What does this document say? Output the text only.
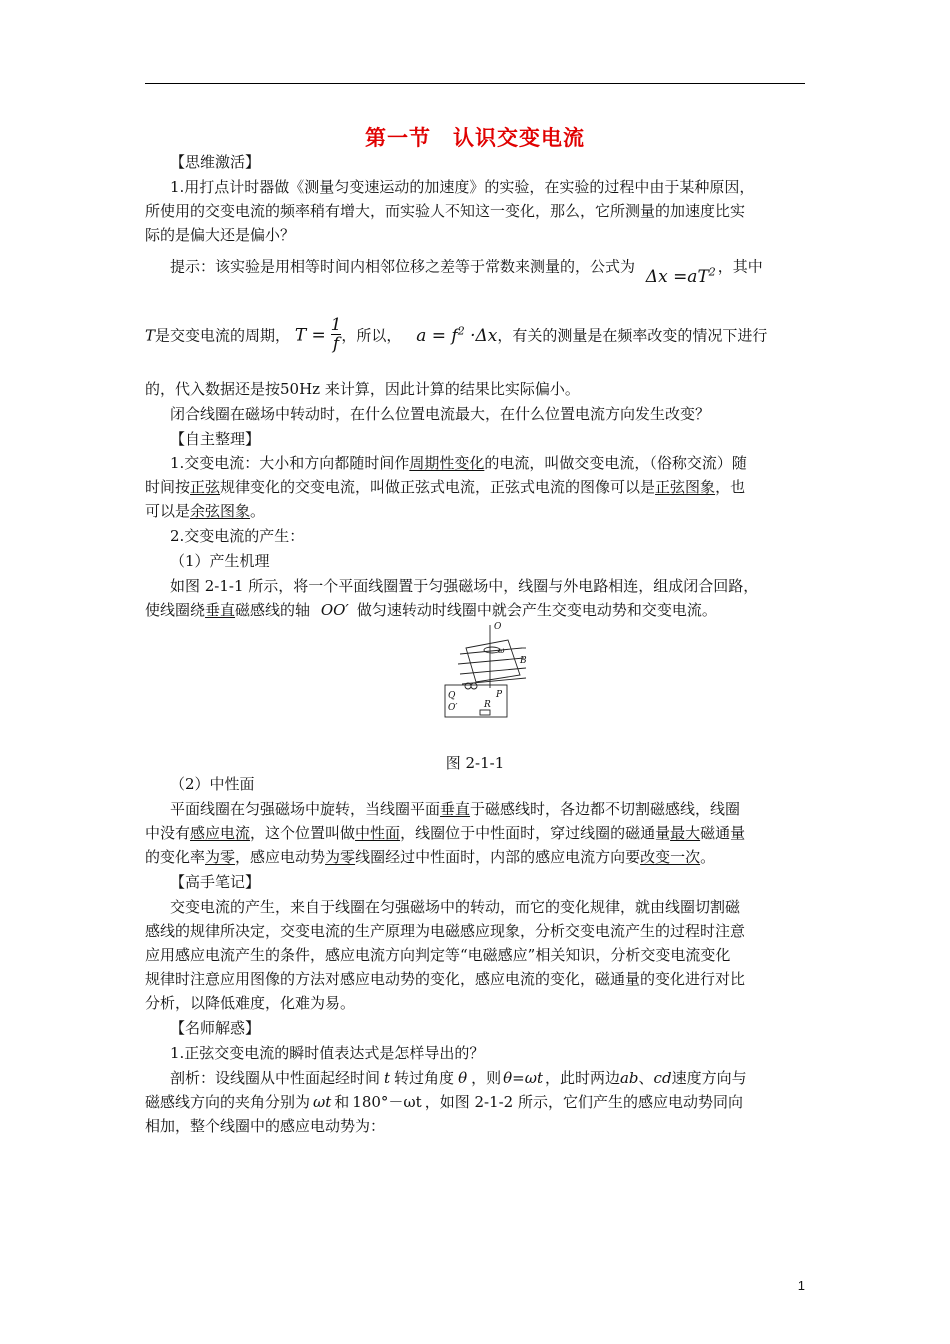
第一节 认识交变电流
【思维激活】
1.用打点计时器做《测量匀变速运动的加速度》的实验，在实验的过程中由于某种原因，
所使用的交变电流的频率稍有增大，而实验人不知这一变化，那么，它所测量的加速度比实
际的是偏大还是偏小？
提示：该实验是用相等时间内相邻位移之差等于常数来测量的，公式为 $\Delta x =aT^2$ ，其中
T是交变电流的周期， $T = \frac{1}{f}$ ，所以， $a = f^2 \cdot\Delta x$，有关的测量是在频率改变的情况下进行
的，代入数据还是按50Hz 来计算，因此计算的结果比实际偏小。
闭合线圈在磁场中转动时，在什么位置电流最大，在什么位置电流方向发生改变？
【自主整理】
1.交变电流：大小和方向都随时间作周期性变化的电流，叫做交变电流，（俗称交流）随
时间按正弦规律变化的交变电流，叫做正弦式电流，正弦式电流的图像可以是正弦图象，也
可以是余弦图象。
2.交变电流的产生：
（1）产生机理
如图 2-1-1 所示，将一个平面线圈置于匀强磁场中，线圈与外电路相连，组成闭合回路，
使线圈绕垂直磁感线的轴 OO′ 做匀速转动时线圈中就会产生交变电动势和交变电流。
O
ω
B
Q
O′	R
P
图 2-1-1
（2）中性面
平面线圈在匀强磁场中旋转，当线圈平面垂直于磁感线时，各边都不切割磁感线，线圈
中没有感应电流，这个位置叫做中性面，线圈位于中性面时，穿过线圈的磁通量最大磁通量
的变化率为零，感应电动势为零线圈经过中性面时，内部的感应电流方向要改变一次。
【高手笔记】
交变电流的产生，来自于线圈在匀强磁场中的转动，而它的变化规律，就由线圈切割磁
感线的规律所决定，交变电流的生产原理为电磁感应现象，分析交变电流产生的过程时注意
应用感应电流产生的条件，感应电流方向判定等“电磁感应”相关知识，分析交变电流变化
规律时注意应用图像的方法对感应电动势的变化，感应电流的变化，磁通量的变化进行对比
分析，以降低难度，化难为易。
【名师解惑】
1.正弦交变电流的瞬时值表达式是怎样导出的？
剖析：设线圈从中性面起经时间 t 转过角度 θ ，则 θ=ωt ，此时两边ab、cd速度方向与
磁感线方向的夹角分别为 ωt 和 180°－ωt ，如图 2-1-2 所示，它们产生的感应电动势同向
相加，整个线圈中的感应电动势为：
1
